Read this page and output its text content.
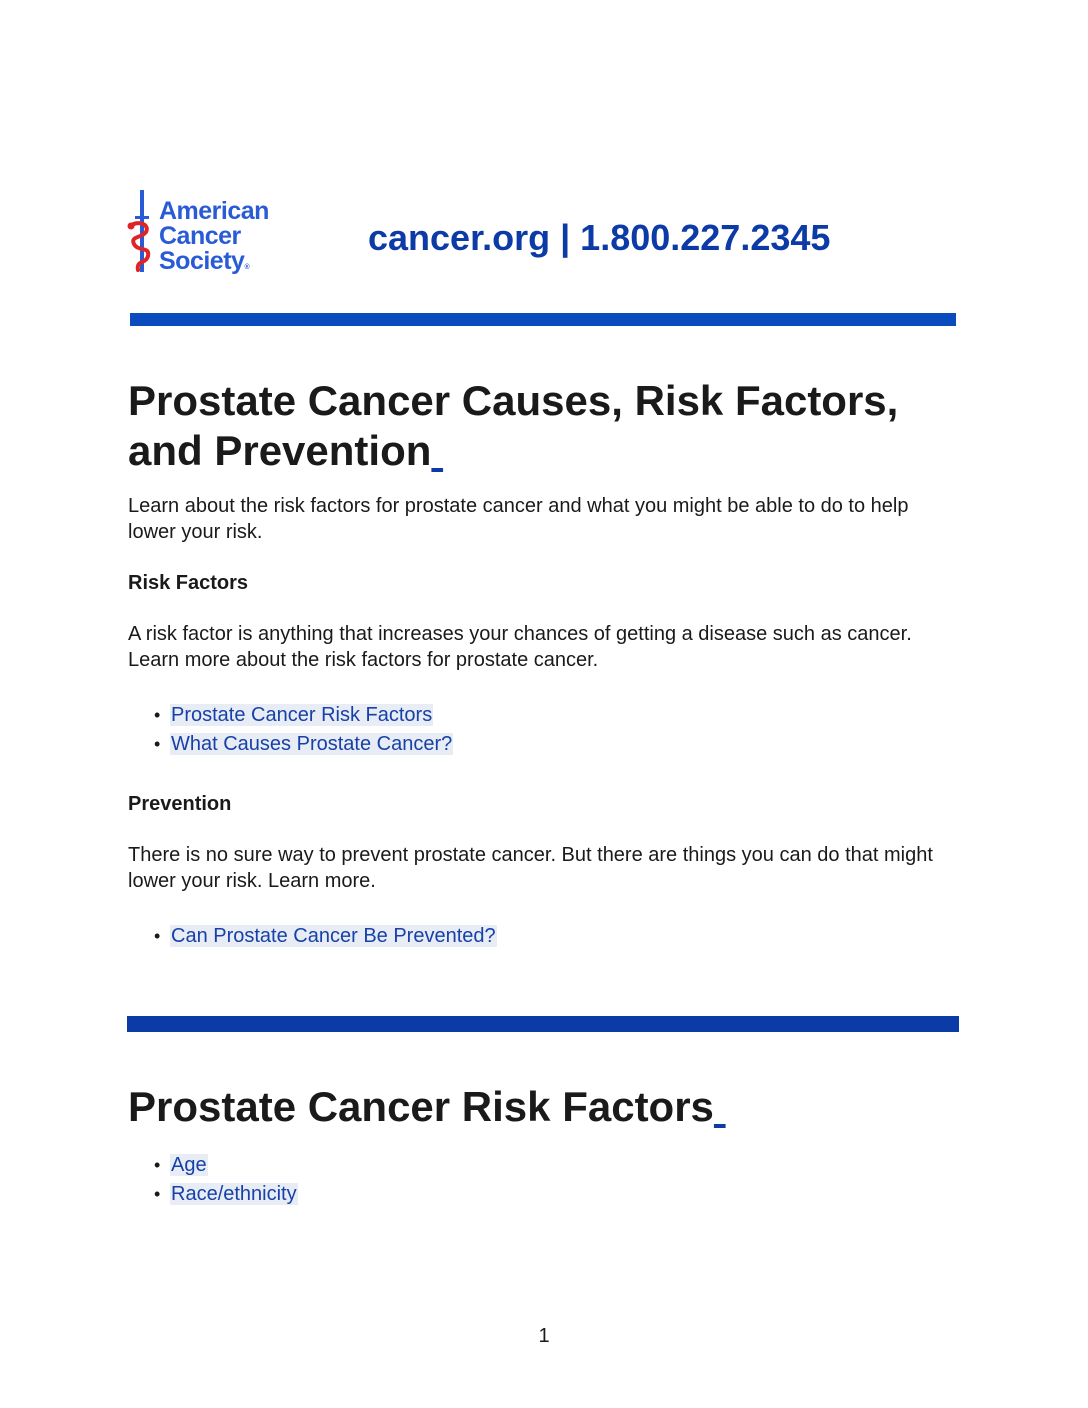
American
Cancer
Society®
cancer.org | 1.800.227.2345
Prostate Cancer Causes, Risk Factors, and Prevention

Learn about the risk factors for prostate cancer and what you might be able to do to help lower your risk.

Risk Factors

A risk factor is anything that increases your chances of getting a disease such as cancer. Learn more about the risk factors for prostate cancer.

• Prostate Cancer Risk Factors
• What Causes Prostate Cancer?
Prevention

There is no sure way to prevent prostate cancer. But there are things you can do that might lower your risk. Learn more.

• Can Prostate Cancer Be Prevented?
Prostate Cancer Risk Factors
• Age
• Race/ethnicity
1
